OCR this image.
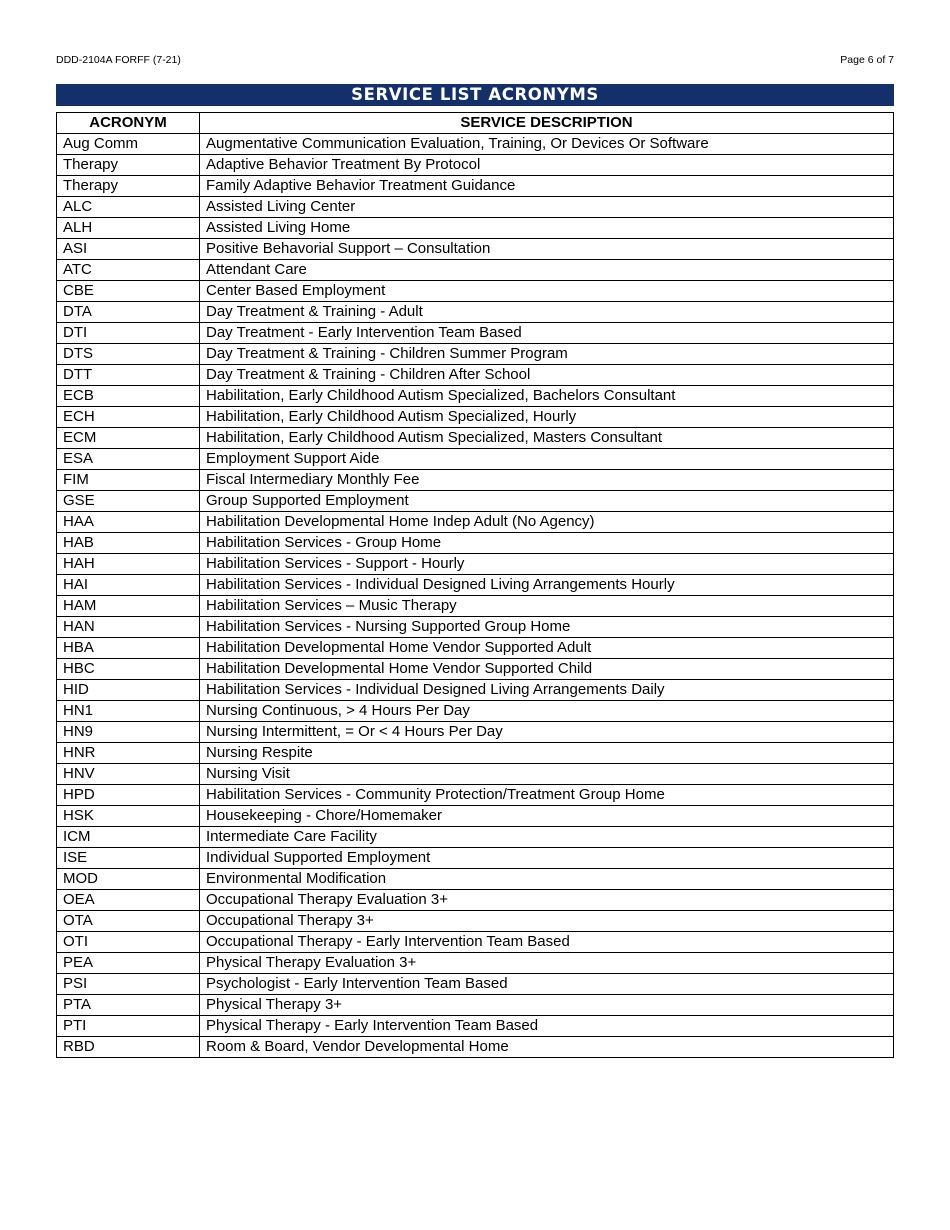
DDD-2104A FORFF (7-21)	Page 6 of 7
SERVICE LIST ACRONYMS
ACRONYM	SERVICE DESCRIPTION
Aug Comm	Augmentative Communication Evaluation, Training, Or Devices Or Software
Therapy	Adaptive Behavior Treatment By Protocol
Therapy	Family Adaptive Behavior Treatment Guidance
ALC	Assisted Living Center
ALH	Assisted Living Home
ASI	Positive Behavorial Support – Consultation
ATC	Attendant Care
CBE	Center Based Employment
DTA	Day Treatment & Training - Adult
DTI	Day Treatment - Early Intervention Team Based
DTS	Day Treatment & Training - Children Summer Program
DTT	Day Treatment & Training - Children After School
ECB	Habilitation, Early Childhood Autism Specialized, Bachelors Consultant
ECH	Habilitation, Early Childhood Autism Specialized, Hourly
ECM	Habilitation, Early Childhood Autism Specialized, Masters Consultant
ESA	Employment Support Aide
FIM	Fiscal Intermediary Monthly Fee
GSE	Group Supported Employment
HAA	Habilitation Developmental Home Indep Adult (No Agency)
HAB	Habilitation Services - Group Home
HAH	Habilitation Services - Support - Hourly
HAI	Habilitation Services - Individual Designed Living Arrangements Hourly
HAM	Habilitation Services – Music Therapy
HAN	Habilitation Services - Nursing Supported Group Home
HBA	Habilitation Developmental Home Vendor Supported Adult
HBC	Habilitation Developmental Home Vendor Supported Child
HID	Habilitation Services - Individual Designed Living Arrangements Daily
HN1	Nursing Continuous, > 4 Hours Per Day
HN9	Nursing Intermittent, = Or < 4 Hours Per Day
HNR	Nursing Respite
HNV	Nursing Visit
HPD	Habilitation Services - Community Protection/Treatment Group Home
HSK	Housekeeping - Chore/Homemaker
ICM	Intermediate Care Facility
ISE	Individual Supported Employment
MOD	Environmental Modification
OEA	Occupational Therapy Evaluation 3+
OTA	Occupational Therapy 3+
OTI	Occupational Therapy - Early Intervention Team Based
PEA	Physical Therapy Evaluation 3+
PSI	Psychologist - Early Intervention Team Based
PTA	Physical Therapy 3+
PTI	Physical Therapy - Early Intervention Team Based
RBD	Room & Board, Vendor Developmental Home
